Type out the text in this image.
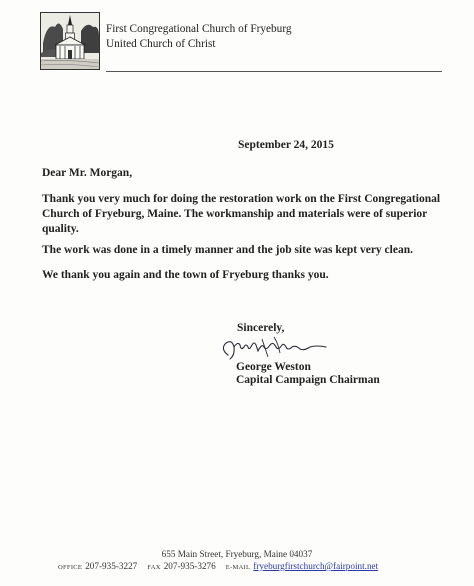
First Congregational Church of Fryeburg
United Church of Christ
September 24, 2015
Dear Mr. Morgan,

Thank you very much for doing the restoration work on the First Congregational Church of Fryeburg, Maine. The workmanship and materials were of superior quality.

The work was done in a timely manner and the job site was kept very clean.

We thank you again and the town of Fryeburg thanks you.

Sincerely,
George Weston
Capital Campaign Chairman
655 Main Street, Fryeburg, Maine 04037
OFFICE 207-935-3227 FAX 207-935-3276 E-MAIL fryeburgfirstchurch@fairpoint.net
